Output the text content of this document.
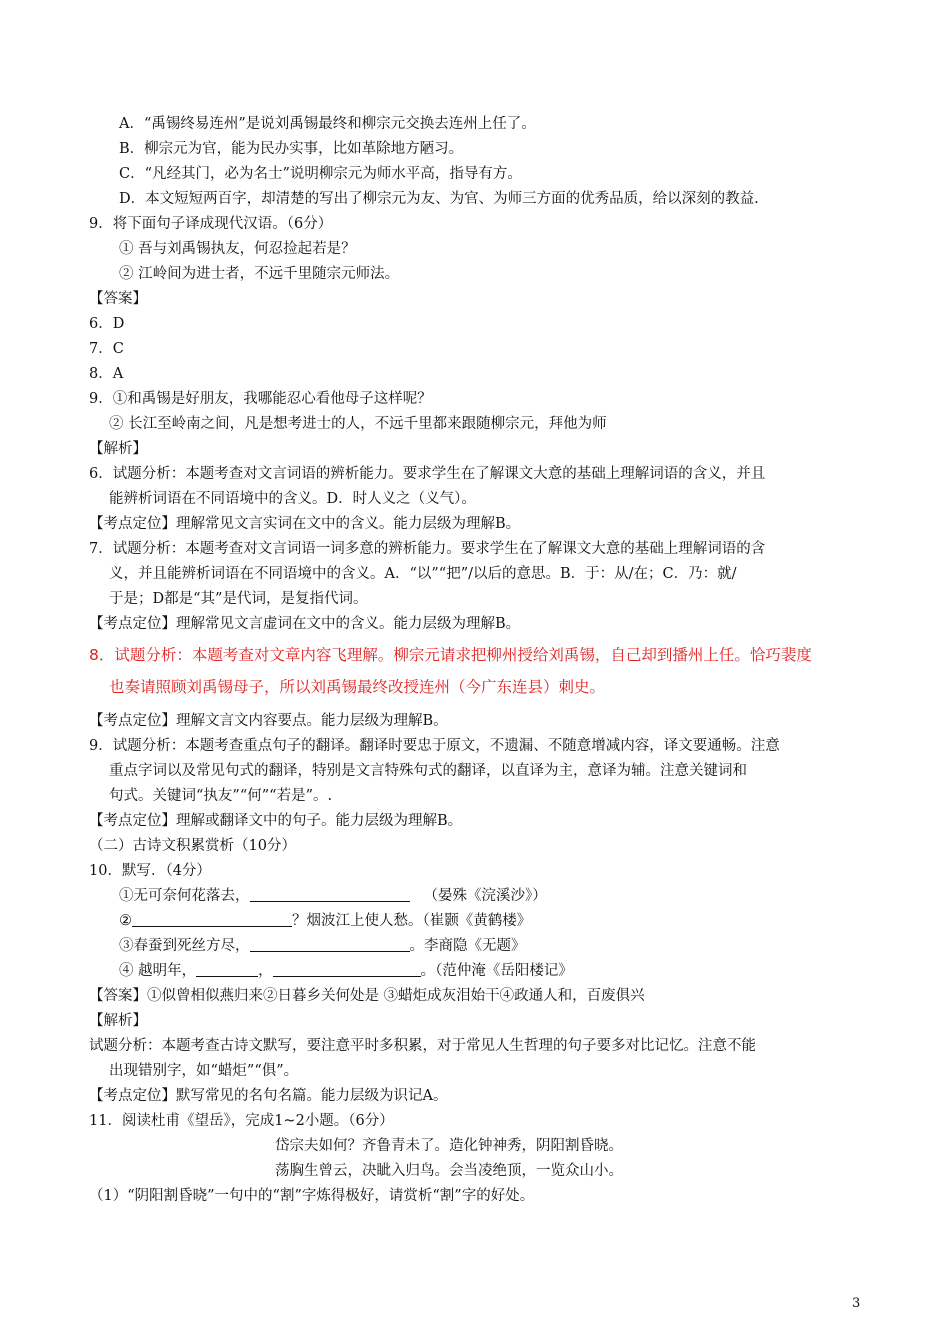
A．“禹锡终易连州”是说刘禹锡最终和柳宗元交换去连州上任了。
B．柳宗元为官，能为民办实事，比如革除地方陋习。
C．“凡经其门，必为名士”说明柳宗元为师水平高，指导有方。
D．本文短短两百字，却清楚的写出了柳宗元为友、为官、为师三方面的优秀品质，给以深刻的教益.
9．将下面句子译成现代汉语。（6分）
① 吾与刘禹锡执友，何忍捡起若是？
② 江岭间为进士者，不远千里随宗元师法。
【答案】
6．D
7．C
8．A
9．①和禹锡是好朋友，我哪能忍心看他母子这样呢？
② 长江至岭南之间，凡是想考进士的人，不远千里都来跟随柳宗元，拜他为师
【解析】
6．试题分析：本题考查对文言词语的辨析能力。要求学生在了解课文大意的基础上理解词语的含义，并且
能辨析词语在不同语境中的含义。D．时人义之（义气）。
【考点定位】理解常见文言实词在文中的含义。能力层级为理解B。
7．试题分析：本题考查对文言词语一词多意的辨析能力。要求学生在了解课文大意的基础上理解词语的含
义，并且能辨析词语在不同语境中的含义。A．“以”“把”/以后的意思。B．于：从/在；C．乃：就/
于是；D都是“其”是代词，是复指代词。
【考点定位】理解常见文言虚词在文中的含义。能力层级为理解B。
8．试题分析：本题考查对文章内容飞理解。柳宗元请求把柳州授给刘禹锡，自己却到播州上任。恰巧裴度
也奏请照顾刘禹锡母子，所以刘禹锡最终改授连州（今广东连县）刺史。
【考点定位】理解文言文内容要点。能力层级为理解B。
9．试题分析：本题考查重点句子的翻译。翻译时要忠于原文，不遗漏、不随意增减内容，译文要通畅。注意
重点字词以及常见句式的翻译，特别是文言特殊句式的翻译，以直译为主，意译为辅。注意关键词和
句式。关键词“执友”“何”“若是”。.
【考点定位】理解或翻译文中的句子。能力层级为理解B。
（二）古诗文积累赏析（10分）
10．默写．（4分）
①无可奈何花落去，	（晏殊《浣溪沙》）
②	？烟波江上使人愁。（崔颢《黄鹤楼》
③春蚕到死丝方尽，	。李商隐《无题》
④ 越明年，	，	。（范仲淹《岳阳楼记》
【答案】①似曾相似燕归来②日暮乡关何处是 ③蜡炬成灰泪始干④政通人和，百废俱兴
【解析】
试题分析：本题考查古诗文默写，要注意平时多积累，对于常见人生哲理的句子要多对比记忆。注意不能
出现错别字，如“蜡炬”“俱”。
【考点定位】默写常见的名句名篇。能力层级为识记A。
11．阅读杜甫《望岳》，完成1~2小题。（6分）
岱宗夫如何？齐鲁青未了。造化钟神秀，阴阳割昏晓。
荡胸生曾云，决眦入归鸟。会当凌绝顶，一览众山小。
（1）“阴阳割昏晓”一句中的“割”字炼得极好，请赏析“割”字的好处。
3
